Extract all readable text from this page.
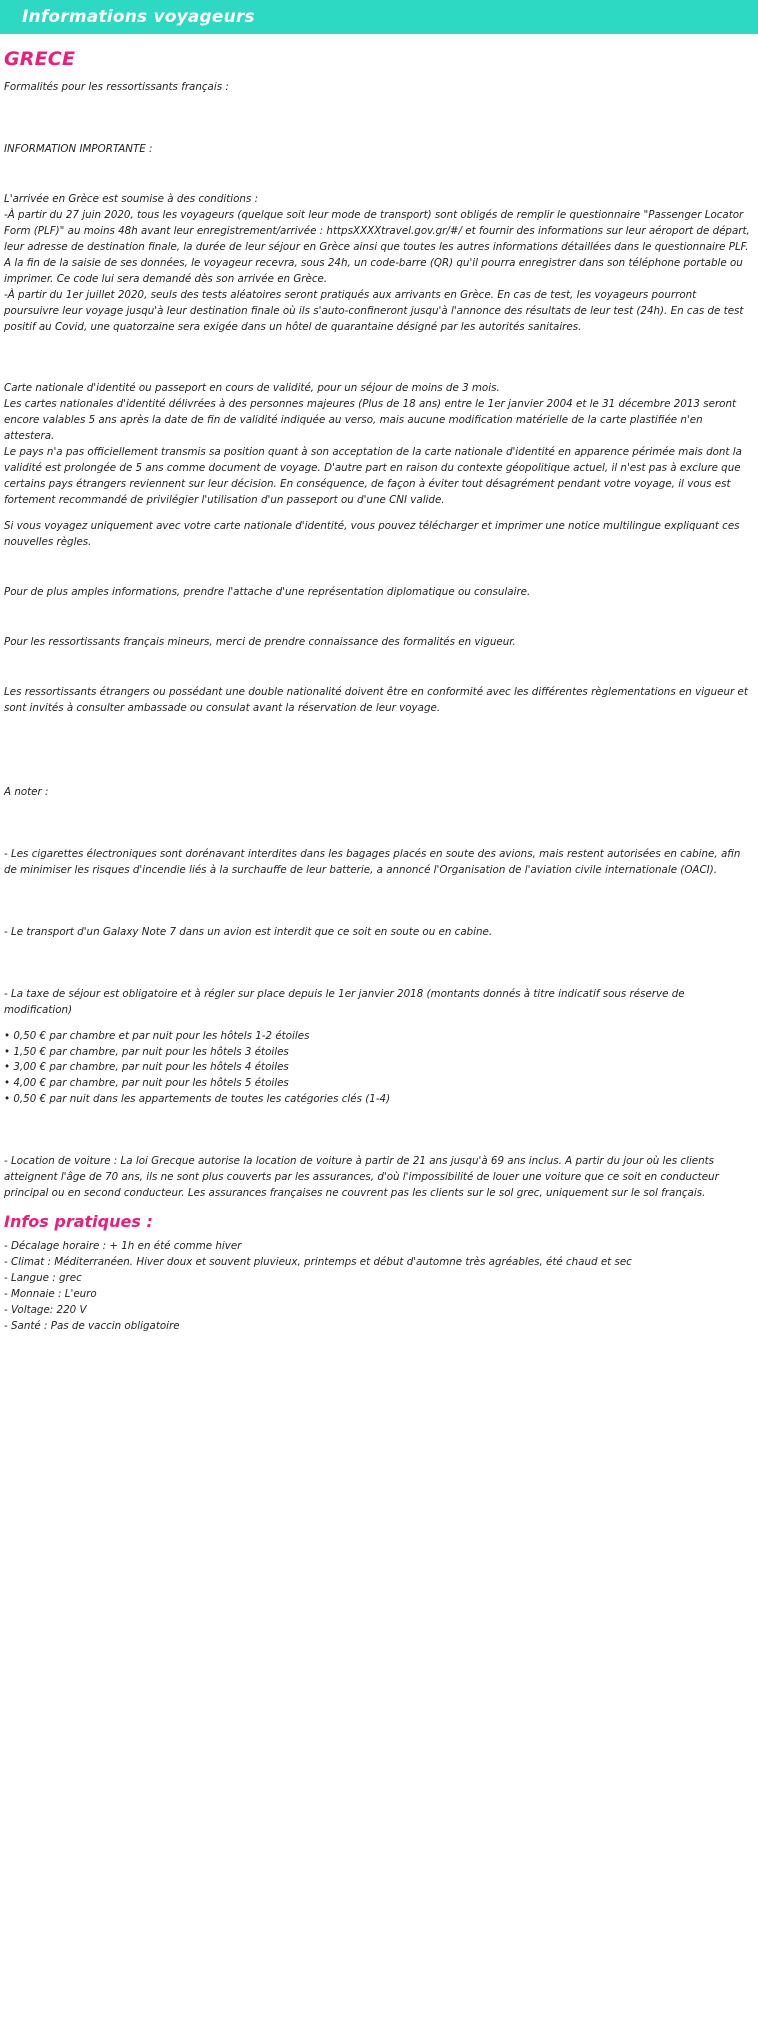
Informations voyageurs
GRECE

Formalités pour les ressortissants français :

INFORMATION IMPORTANTE :

L'arrivée en Grèce est soumise à des conditions :

-À partir du 27 juin 2020, tous les voyageurs (quelque soit leur mode de transport) sont obligés de remplir le questionnaire "Passenger Locator Form (PLF)" au moins 48h avant leur enregistrement/arrivée : httpsXXXXtravel.gov.gr/#/ et fournir des informations sur leur aéroport de départ, leur adresse de destination finale, la durée de leur séjour en Grèce ainsi que toutes les autres informations détaillées dans le questionnaire PLF. A la fin de la saisie de ses données, le voyageur recevra, sous 24h, un code-barre (QR) qu'il pourra enregistrer dans son téléphone portable ou imprimer. Ce code lui sera demandé dès son arrivée en Grèce.

-À partir du 1er juillet 2020, seuls des tests aléatoires seront pratiqués aux arrivants en Grèce. En cas de test, les voyageurs pourront poursuivre leur voyage jusqu'à leur destination finale où ils s'auto-confineront jusqu'à l'annonce des résultats de leur test (24h). En cas de test positif au Covid, une quatorzaine sera exigée dans un hôtel de quarantaine désigné par les autorités sanitaires.

Carte nationale d'identité ou passeport en cours de validité, pour un séjour de moins de 3 mois.

Les cartes nationales d'identité délivrées à des personnes majeures (Plus de 18 ans) entre le 1er janvier 2004 et le 31 décembre 2013 seront encore valables 5 ans après la date de fin de validité indiquée au verso, mais aucune modification matérielle de la carte plastifiée n'en attestera.

Le pays n'a pas officiellement transmis sa position quant à son acceptation de la carte nationale d'identité en apparence périmée mais dont la validité est prolongée de 5 ans comme document de voyage. D'autre part en raison du contexte géopolitique actuel, il n'est pas à exclure que certains pays étrangers reviennent sur leur décision. En conséquence, de façon à éviter tout désagrément pendant votre voyage, il vous est fortement recommandé de privilégier l'utilisation d'un passeport ou d'une CNI valide.

Si vous voyagez uniquement avec votre carte nationale d'identité, vous pouvez télécharger et imprimer une notice multilingue expliquant ces nouvelles règles.

Pour de plus amples informations, prendre l'attache d'une représentation diplomatique ou consulaire.

Pour les ressortissants français mineurs, merci de prendre connaissance des formalités en vigueur.

Les ressortissants étrangers ou possédant une double nationalité doivent être en conformité avec les différentes règlementations en vigueur et sont invités à consulter ambassade ou consulat avant la réservation de leur voyage.

A noter :

- Les cigarettes électroniques sont dorénavant interdites dans les bagages placés en soute des avions, mais restent autorisées en cabine, afin de minimiser les risques d'incendie liés à la surchauffe de leur batterie, a annoncé l'Organisation de l'aviation civile internationale (OACI).

- Le transport d'un Galaxy Note 7 dans un avion est interdit que ce soit en soute ou en cabine.

- La taxe de séjour est obligatoire et à régler sur place depuis le 1er janvier 2018 (montants donnés à titre indicatif sous réserve de modification)

• 0,50 € par chambre et par nuit pour les hôtels 1-2 étoiles
• 1,50 € par chambre, par nuit pour les hôtels 3 étoiles
• 3,00 € par chambre, par nuit pour les hôtels 4 étoiles
• 4,00 € par chambre, par nuit pour les hôtels 5 étoiles
• 0,50 € par nuit dans les appartements de toutes les catégories clés (1-4)

- Location de voiture : La loi Grecque autorise la location de voiture à partir de 21 ans jusqu'à 69 ans inclus. A partir du jour où les clients atteignent l'âge de 70 ans, ils ne sont plus couverts par les assurances, d'où l'impossibilité de louer une voiture que ce soit en conducteur principal ou en second conducteur. Les assurances françaises ne couvrent pas les clients sur le sol grec, uniquement sur le sol français.

Infos pratiques :

- Décalage horaire : + 1h en été comme hiver

- Climat : Méditerranéen. Hiver doux et souvent pluvieux, printemps et début d'automne très agréables, été chaud et sec

- Langue : grec

- Monnaie : L'euro

- Voltage: 220 V

- Santé : Pas de vaccin obligatoire
